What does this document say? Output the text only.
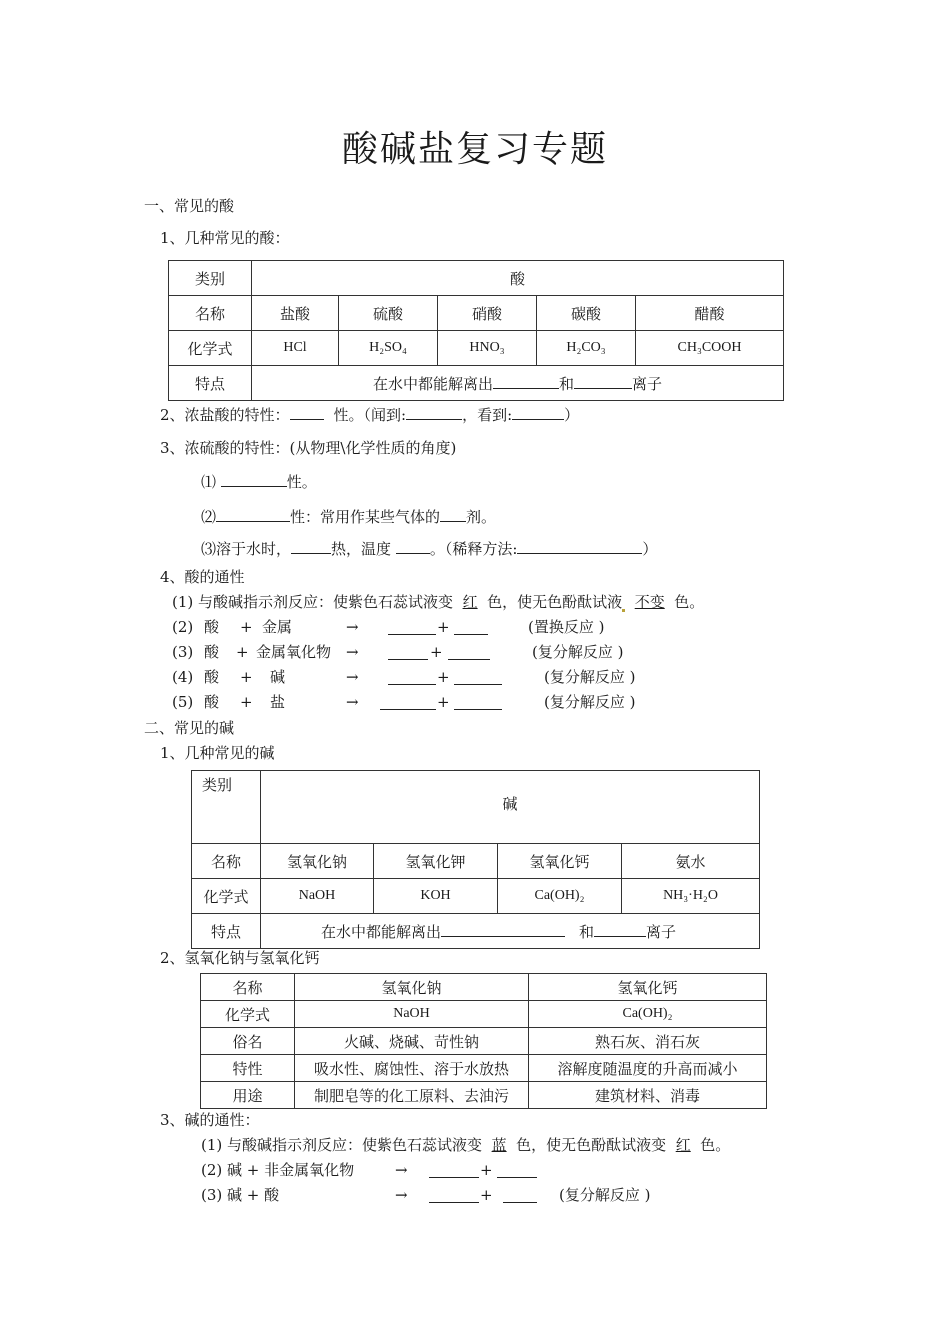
酸碱盐复习专题
一、常见的酸
1、几种常见的酸：
类别	酸				
名称	盐酸	硫酸	硝酸	碳酸	醋酸
化学式	HCl	H₂SO₄	HNO₃	H₂CO₃	CH₃COOH
特点	在水中都能解离出 和 离子				
2、浓盐酸的特性：	性。（闻到:	，看到:	）
3、浓硫酸的特性：(从物理\化学性质的角度)
⑴	性。
⑵	性：常用作某些气体的 剂。
⑶溶于水时，	热，温度	。（稀释方法:	）
4、酸的通性
(1) 与酸碱指示剂反应：使紫色石蕊试液变 红 色，使无色酚酞试液 不变 色。
(2) 酸 + 金属	→	+	(置换反应 )
(3) 酸 + 金属氧化物 →	+	(复分解反应 )
(4) 酸 + 碱	→	+	(复分解反应 )
(5) 酸 + 盐	→	+	(复分解反应 )
二、常见的碱
1、几种常见的碱
类别	碱			
名称	氢氧化钠	氢氧化钾	氢氧化钙	氨水
化学式	NaOH	KOH	Ca(OH)₂	NH₃·H₂O
特点	在水中都能解离出 和 离子			
2、氢氧化钠与氢氧化钙
名称	氢氧化钠	氢氧化钙
化学式	NaOH	Ca(OH)₂
俗名	火碱、烧碱、苛性钠	熟石灰、消石灰
特性	吸水性、腐蚀性、溶于水放热	溶解度随温度的升高而减小
用途	制肥皂等的化工原料、去油污	建筑材料、消毒
3、碱的通性：
(1) 与酸碱指示剂反应：使紫色石蕊试液变 蓝 色，使无色酚酞试液变 红 色。
(2) 碱 + 非金属氧化物	→	+
(3) 碱 + 酸	→	+	(复分解反应 )
